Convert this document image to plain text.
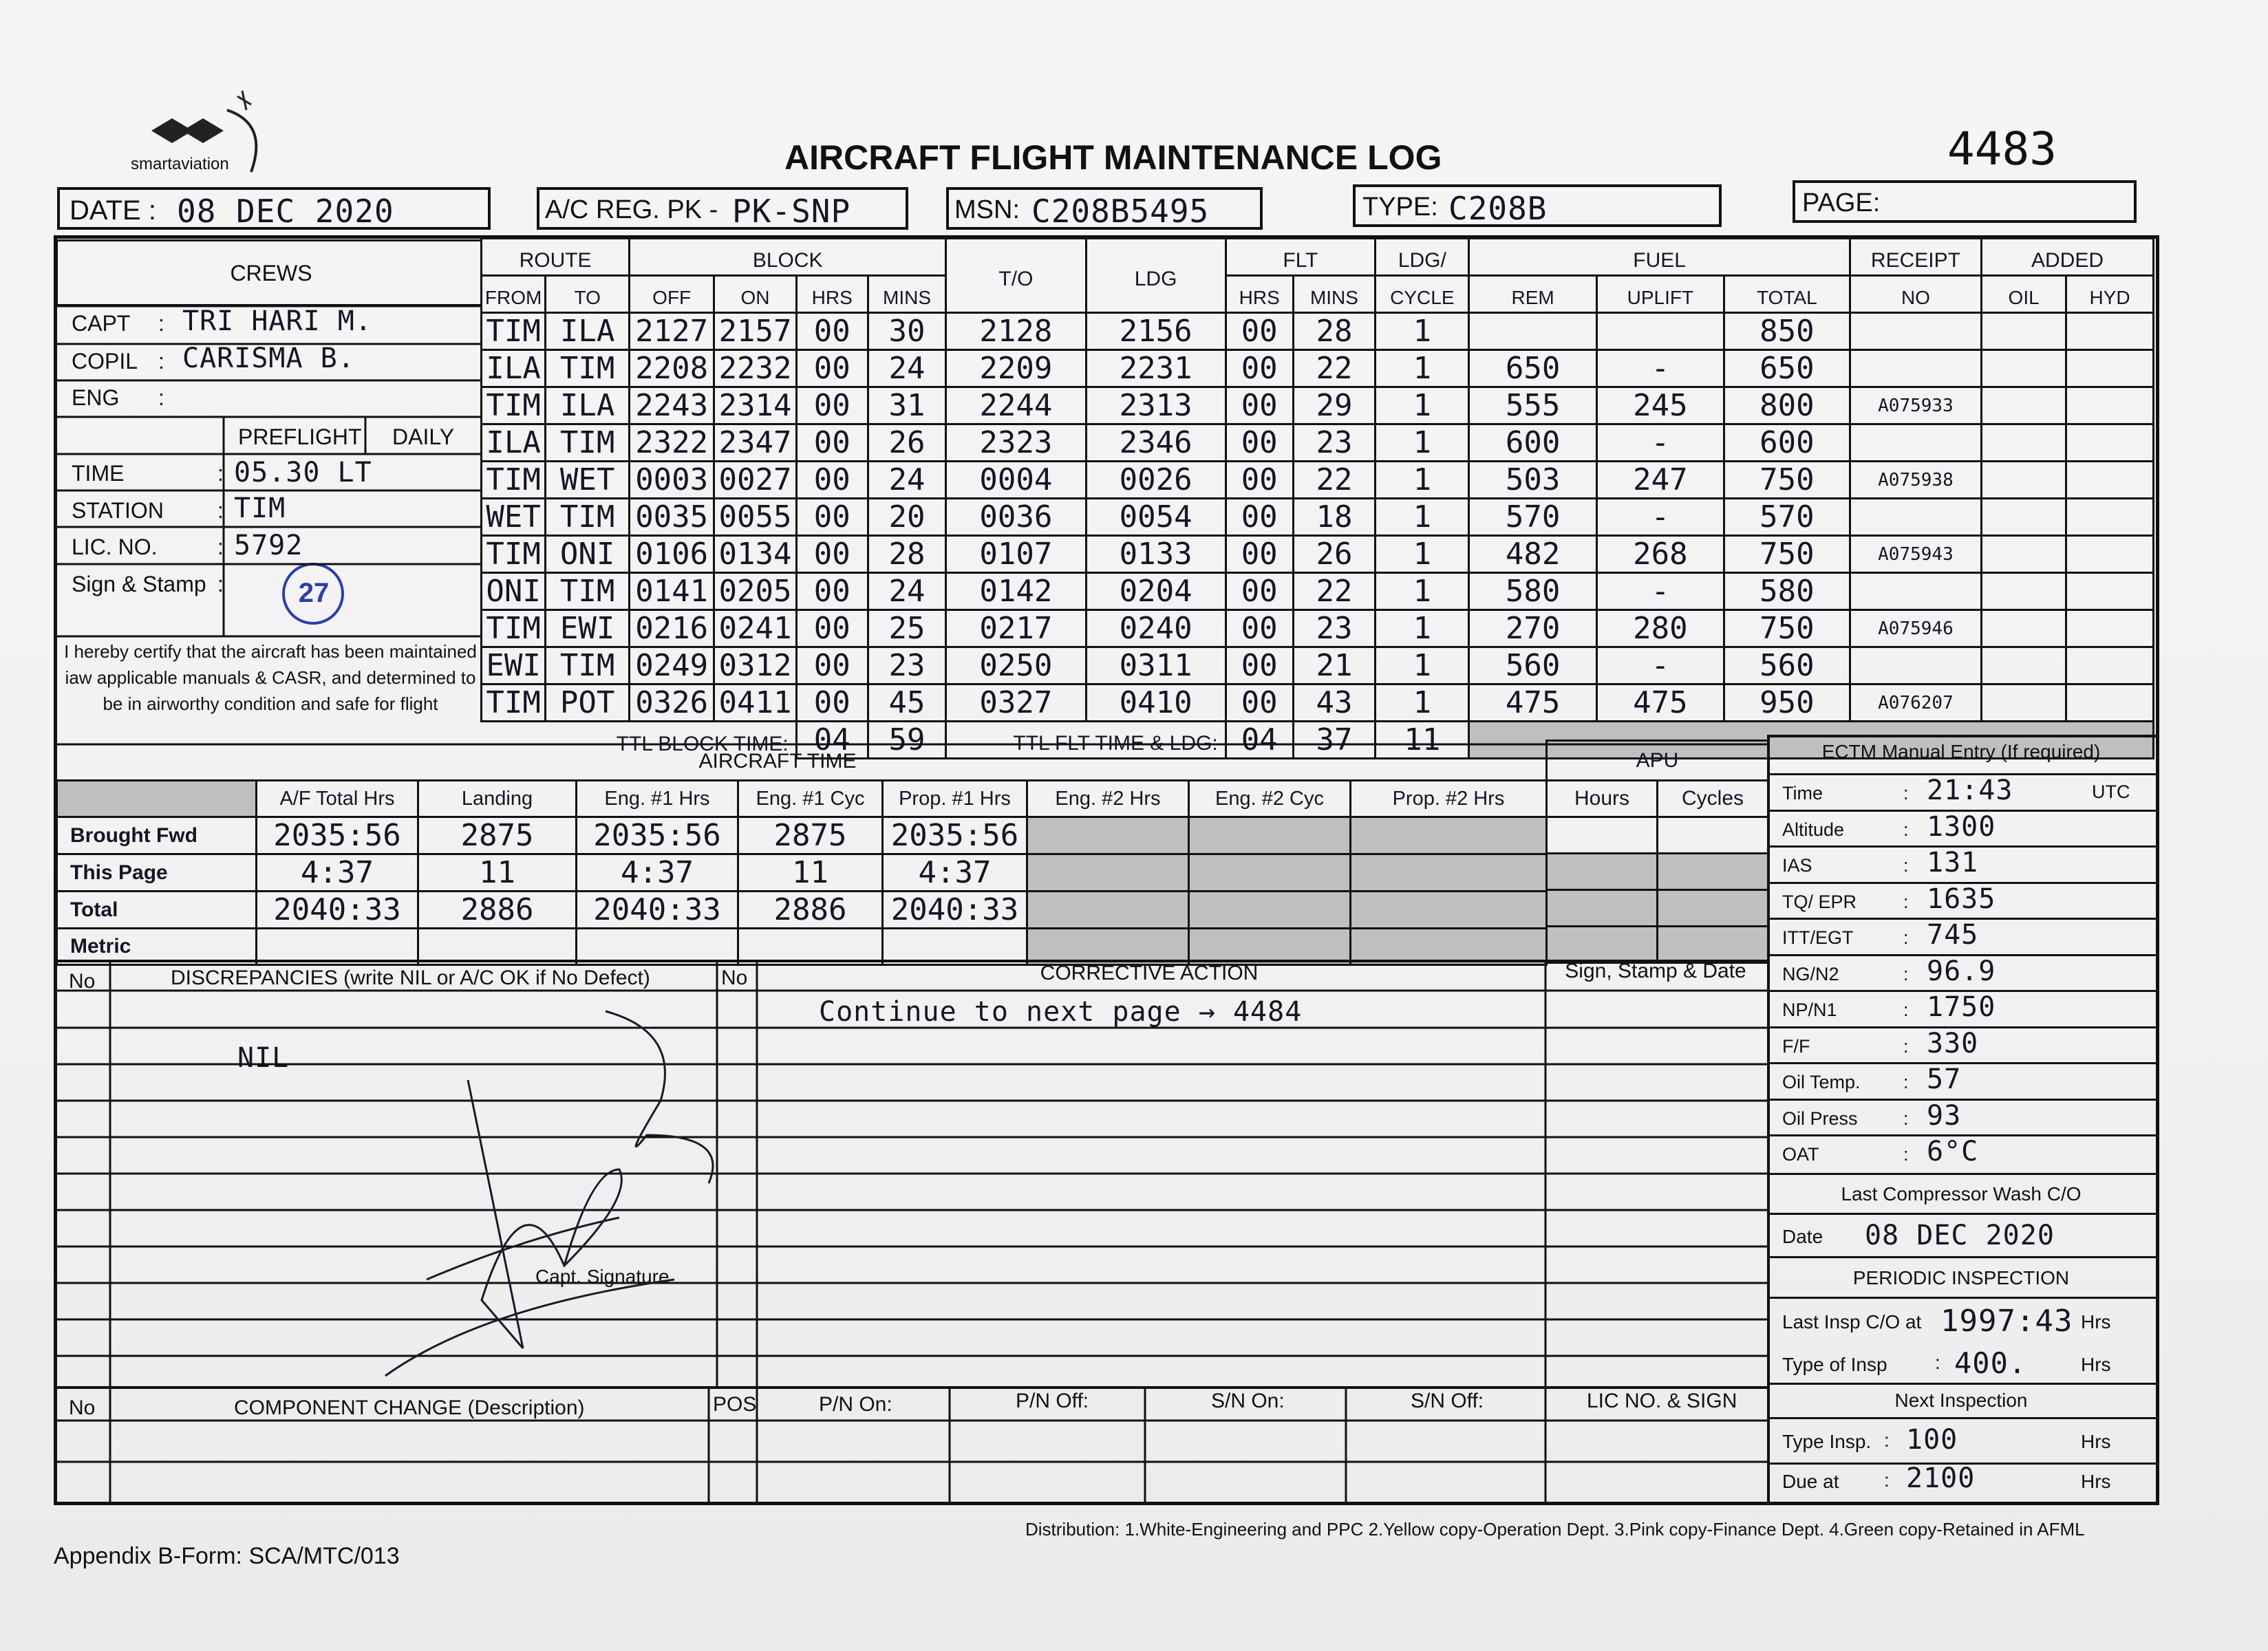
smartaviation	AIRCRAFT FLIGHT MAINTENANCE LOG	4483
DATE : 08 DEC 2020	A/C REG. PK - PK-SNP	MSN: C208B5495	TYPE: C208B	PAGE:
ROUTE		BLOCK				T/O	LDG	FLT		LDG/	FUEL			RECEIPT	ADDED	
FROM	TO	OFF	ON	HRS	MINS			HRS	MINS	CYCLE	REM	UPLIFT	TOTAL	NO	OIL	HYD
TIM	ILA	2127	2157	00	30	2128	2156	00	28	1			850			
ILA	TIM	2208	2232	00	24	2209	2231	00	22	1	650	-	650			
TIM	ILA	2243	2314	00	31	2244	2313	00	29	1	555	245	800	A075933		
ILA	TIM	2322	2347	00	26	2323	2346	00	23	1	600	-	600			
TIM	WET	0003	0027	00	24	0004	0026	00	22	1	503	247	750	A075938		
WET	TIM	0035	0055	00	20	0036	0054	00	18	1	570	-	570			
TIM	ONI	0106	0134	00	28	0107	0133	00	26	1	482	268	750	A075943		
ONI	TIM	0141	0205	00	24	0142	0204	00	22	1	580	-	580			
TIM	EWI	0216	0241	00	25	0217	0240	00	23	1	270	280	750	A075946		
EWI	TIM	0249	0312	00	23	0250	0311	00	21	1	560	-	560			
TIM	POT	0326	0411	00	45	0327	0410	00	43	1	475	475	950	A076207		
TTL BLOCK TIME:				04	59	TTL FLT TIME & LDG:		04	37	11						
CREWS
CAPT : TRI HARI M.
COPIL : CARISMA B.
ENG :
PREFLIGHT DAILY
TIME	: 05.30 LT
STATION : TIM
LIC. NO.	: 5792
Sign & Stamp :	27
I hereby certify that the aircraft has been maintained iaw applicable manuals & CASR, and determined to be in airworthy condition and safe for flight
AIRCRAFT TIME
	A/F Total Hrs	Landing	Eng. #1 Hrs	Eng. #1 Cyc	Prop. #1 Hrs	Eng. #2 Hrs	Eng. #2 Cyc	Prop. #2 Hrs
Brought Fwd	2035:56	2875	2035:56	2875	2035:56			
This Page	4:37	11	4:37	11	4:37			
Total	2040:33	2886	2040:33	2886	2040:33			
Metric								
APU	
Hours	Cycles

ECTM Manual Entry (If required)
Time	: 21:43	UTC
Altitude	: 1300
IAS	: 131
TQ/ EPR	: 1635
ITT/EGT	: 745
NG/N2	: 96.9
NP/N1	: 1750
F/F	: 330
Oil Temp. : 57
Oil Press : 93
OAT	: 6°C
Last Compressor Wash C/O
Date 08 DEC 2020
PERIODIC INSPECTION
Last Insp C/O at 1997:43 Hrs
Type of Insp : 400.	Hrs
Next Inspection
Type Insp. : 100	Hrs
Due at : 2100	Hrs
No	DISCREPANCIES (write NIL or A/C OK if No Defect)	No	CORRECTIVE ACTION	Sign, Stamp & Date
NIL
Continue to next page → 4484
Capt. Signature
No	COMPONENT CHANGE (Description)	POS	P/N On:	P/N Off:	S/N On:	S/N Off:	LIC NO. & SIGN
Appendix B-Form: SCA/MTC/013
Distribution: 1.White-Engineering and PPC 2.Yellow copy-Operation Dept. 3.Pink copy-Finance Dept. 4.Green copy-Retained in AFML
